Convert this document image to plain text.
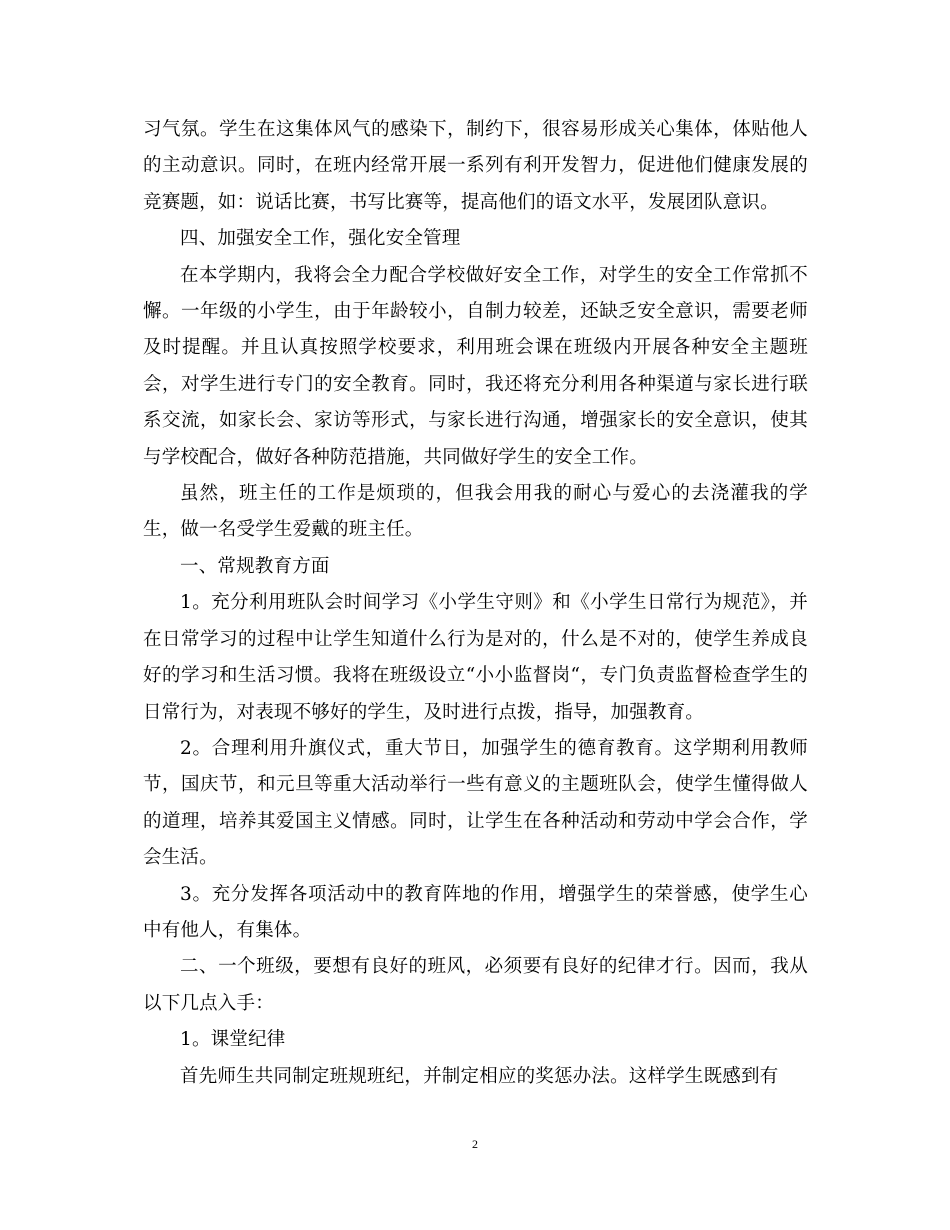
习气氛。学生在这集体风气的感染下，制约下，很容易形成关心集体，体贴他人的主动意识。同时，在班内经常开展一系列有利开发智力，促进他们健康发展的竞赛题，如：说话比赛，书写比赛等，提高他们的语文水平，发展团队意识。

四、加强安全工作，强化安全管理

在本学期内，我将会全力配合学校做好安全工作，对学生的安全工作常抓不懈。一年级的小学生，由于年龄较小，自制力较差，还缺乏安全意识，需要老师及时提醒。并且认真按照学校要求，利用班会课在班级内开展各种安全主题班会，对学生进行专门的安全教育。同时，我还将充分利用各种渠道与家长进行联系交流，如家长会、家访等形式，与家长进行沟通，增强家长的安全意识，使其与学校配合，做好各种防范措施，共同做好学生的安全工作。

虽然，班主任的工作是烦琐的，但我会用我的耐心与爱心的去浇灌我的学生，做一名受学生爱戴的班主任。

一、常规教育方面

1。充分利用班队会时间学习《小学生守则》和《小学生日常行为规范》，并在日常学习的过程中让学生知道什么行为是对的，什么是不对的，使学生养成良好的学习和生活习惯。我将在班级设立“小小监督岗“，专门负责监督检查学生的日常行为，对表现不够好的学生，及时进行点拨，指导，加强教育。

2。合理利用升旗仪式，重大节日，加强学生的德育教育。这学期利用教师节，国庆节，和元旦等重大活动举行一些有意义的主题班队会，使学生懂得做人的道理，培养其爱国主义情感。同时，让学生在各种活动和劳动中学会合作，学会生活。

3。充分发挥各项活动中的教育阵地的作用，增强学生的荣誉感，使学生心中有他人，有集体。

二、一个班级，要想有良好的班风，必须要有良好的纪律才行。因而，我从以下几点入手：

1。课堂纪律

首先师生共同制定班规班纪，并制定相应的奖惩办法。这样学生既感到有

2
